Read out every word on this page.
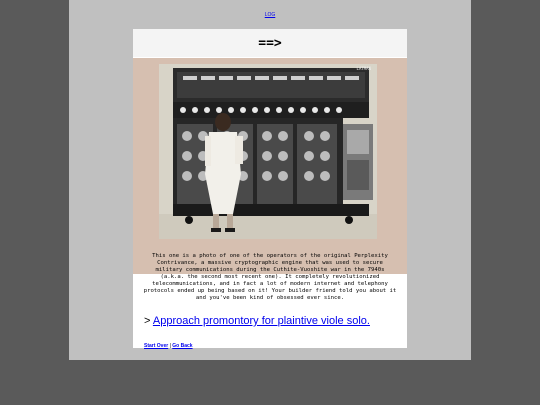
LOG
==>
LATMAN
This one is a photo of one of the operators of the original Perplexity Contrivance, a massive cryptographic engine that was used to secure military communications during the Cuthite-Vuoshite war in the 7940s (a.k.a. the second most recent one). It completely revolutionized telecommunications, and in fact a lot of modern internet and telephony protocols ended up being based on it! Your builder friend told you about it and you've been kind of obsessed ever since.
> Approach promontory for plaintive viole solo.
Start Over | Go Back
